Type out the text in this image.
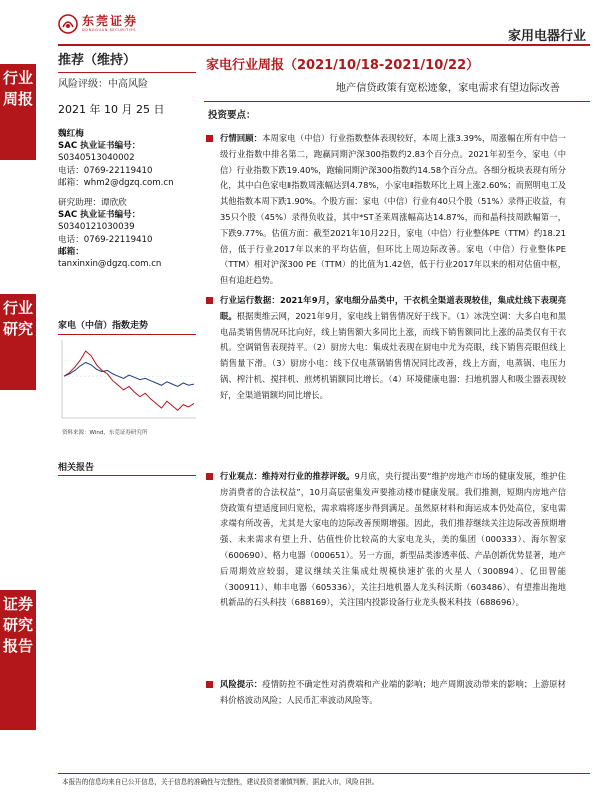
东莞证券
DONGGUAN SECURITIES	家用电器行业
行业周报
行业研究
证券研究报告
推荐（维持）
风险评级：中高风险
2021 年 10 月 25 日
魏红梅
SAC 执业证书编号：
S0340513040002
电话：0769-22119410
邮箱：whm2@dgzq.com.cn
研究助理：谭欣欣
SAC 执业证书编号：
S0340121030039
电话：0769-22119410
邮箱：
tanxinxin@dgzq.com.cn
家电（中信）指数走势
资料来源：Wind，东莞证券研究所
相关报告
家电行业周报（2021/10/18-2021/10/22）
地产信贷政策有宽松迹象，家电需求有望边际改善
投资要点：
行情回顾：本周家电（中信）行业指数整体表现较好，本周上涨3.39%，周涨幅在所有中信一级行业指数中排名第二，跑赢同期沪深300指数约2.83个百分点。2021年初至今，家电（中信）行业指数下跌19.40%，跑输同期沪深300指数约14.58个百分点。各细分板块表现有所分化，其中白色家电Ⅱ指数周涨幅达到4.78%，小家电Ⅱ指数环比上周上涨2.60%；而照明电工及其他指数本周下跌1.90%。个股方面：家电（中信）行业有40只个股（51%）录得正收益，有35只个股（45%）录得负收益，其中*ST圣莱周涨幅高达14.87%，而和晶科技周跌幅第一，下跌9.77%。估值方面：截至2021年10月22日，家电（中信）行业整体PE（TTM）约18.21倍，低于行业2017年以来的平均估值，但环比上周边际改善。家电（中信）行业整体PE（TTM）相对沪深300 PE（TTM）的比值为1.42倍，低于行业2017年以来的相对估值中枢，但有追赶趋势。
行业运行数据：2021年9月，家电细分品类中，干衣机全渠道表现较佳，集成灶线下表现亮眼。根据奥维云网，2021年9月，家电线上销售情况好于线下。（1）冰洗空调：大多白电和黑电品类销售情况环比向好，线上销售额大多同比上涨，而线下销售额同比上涨的品类仅有干衣机。空调销售表现持平。（2）厨房大电：集成灶表现在厨电中尤为亮眼，线下销售亮眼但线上销售量下滑。（3）厨房小电：线下仅电蒸锅销售情况同比改善，线上方面，电蒸锅、电压力锅、榨汁机、搅拌机、煎烤机销额同比增长。（4）环境健康电器：扫地机器人和吸尘器表现较好，全渠道销额均同比增长。
行业观点：维持对行业的推荐评级。9月底，央行提出要“维护房地产市场的健康发展，维护住房消费者的合法权益”，10月高层密集发声要推动楼市健康发展。我们推测，短期内房地产信贷政策有望适度回归宽松，需求端将逐步得到满足。虽然原材料和海运成本仍处高位，家电需求端有所改善，尤其是大家电的边际改善预期增强。因此，我们推荐继续关注边际改善预期增强、未来需求有望上升、估值性价比较高的大家电龙头，美的集团（000333）、海尔智家（600690）、格力电器（000651）。另一方面，新型品类渗透率低、产品创新优势显著，地产后周期效应较弱，建议继续关注集成灶规模快速扩张的火星人（300894）、亿田智能（300911）、帅丰电器（605336），关注扫地机器人龙头科沃斯（603486）、有望推出拖地机新品的石头科技（688169），关注国内投影设备行业龙头极米科技（688696）。
风险提示：疫情防控不确定性对消费端和产业端的影响；地产周期波动带来的影响；上游原材料价格波动风险；人民币汇率波动风险等。
本报告的信息均来自已公开信息，关于信息的准确性与完整性，建议投资者谨慎判断，据此入市，风险自担。
